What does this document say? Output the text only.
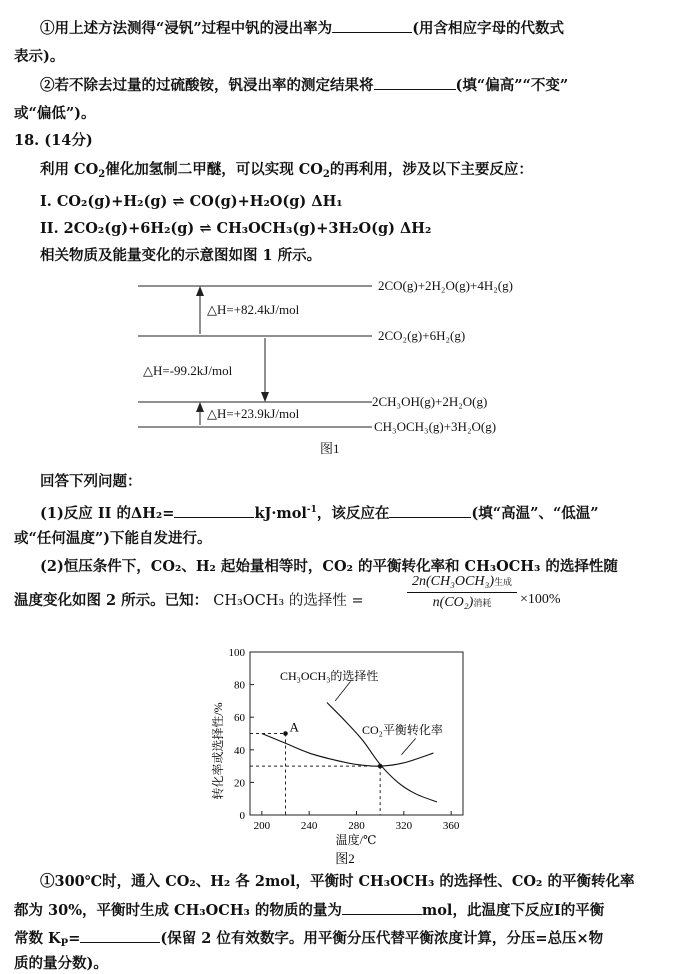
①用上述方法测得“浸钒”过程中钒的浸出率为	(用含相应字母的代数式
表示)。
②若不除去过量的过硫酸铵，钒浸出率的测定结果将	(填“偏高”“不变”
或“偏低”)。
18. (14分)
利用 $CO_2$催化加氢制二甲醚，可以实现 $CO_2$的再利用，涉及以下主要反应：
I. CO₂(g)+H₂(g) ⇌ CO(g)+H₂O(g) ΔH₁
II. 2CO₂(g)+6H₂(g) ⇌ CH₃OCH₃(g)+3H₂O(g) ΔH₂
相关物质及能量变化的示意图如图 1 所示。
2CO(g)+2H₂O(g)+4H₂(g)
2CO₂(g)+6H₂(g)
2CH₃OH(g)+2H₂O(g)
CH₃OCH₃(g)+3H₂O(g)
△H=+82.4kJ/mol
△H=-99.2kJ/mol
△H=+23.9kJ/mol
图1
回答下列问题：
(1)反应 II 的ΔH₂=	kJ·mol$^{-1}$，该反应在	(填“高温”、“低温”
或“任何温度”)下能自发进行。
(2)恒压条件下，CO₂、H₂ 起始量相等时，CO₂ 的平衡转化率和 CH₃OCH₃ 的选择性随
温度变化如图 2 所示。已知： CH₃OCH₃ 的选择性 =
2n(CH₃OCH₃)生成
n(CO₂)消耗	×100%
转化率或选择性/%
温度/℃
图2
CH₃OCH₃的选择性
CO₂平衡转化率
0
20
40
60
80
100
200	240	280	320	360
A
①300℃时，通入 CO₂、H₂ 各 2mol，平衡时 CH₃OCH₃ 的选择性、CO₂ 的平衡转化率
都为 30%，平衡时生成 CH₃OCH₃ 的物质的量为	mol，此温度下反应Ⅰ的平衡
常数 $K_P=$	(保留 2 位有效数字。用平衡分压代替平衡浓度计算，分压=总压×物
质的量分数)。
